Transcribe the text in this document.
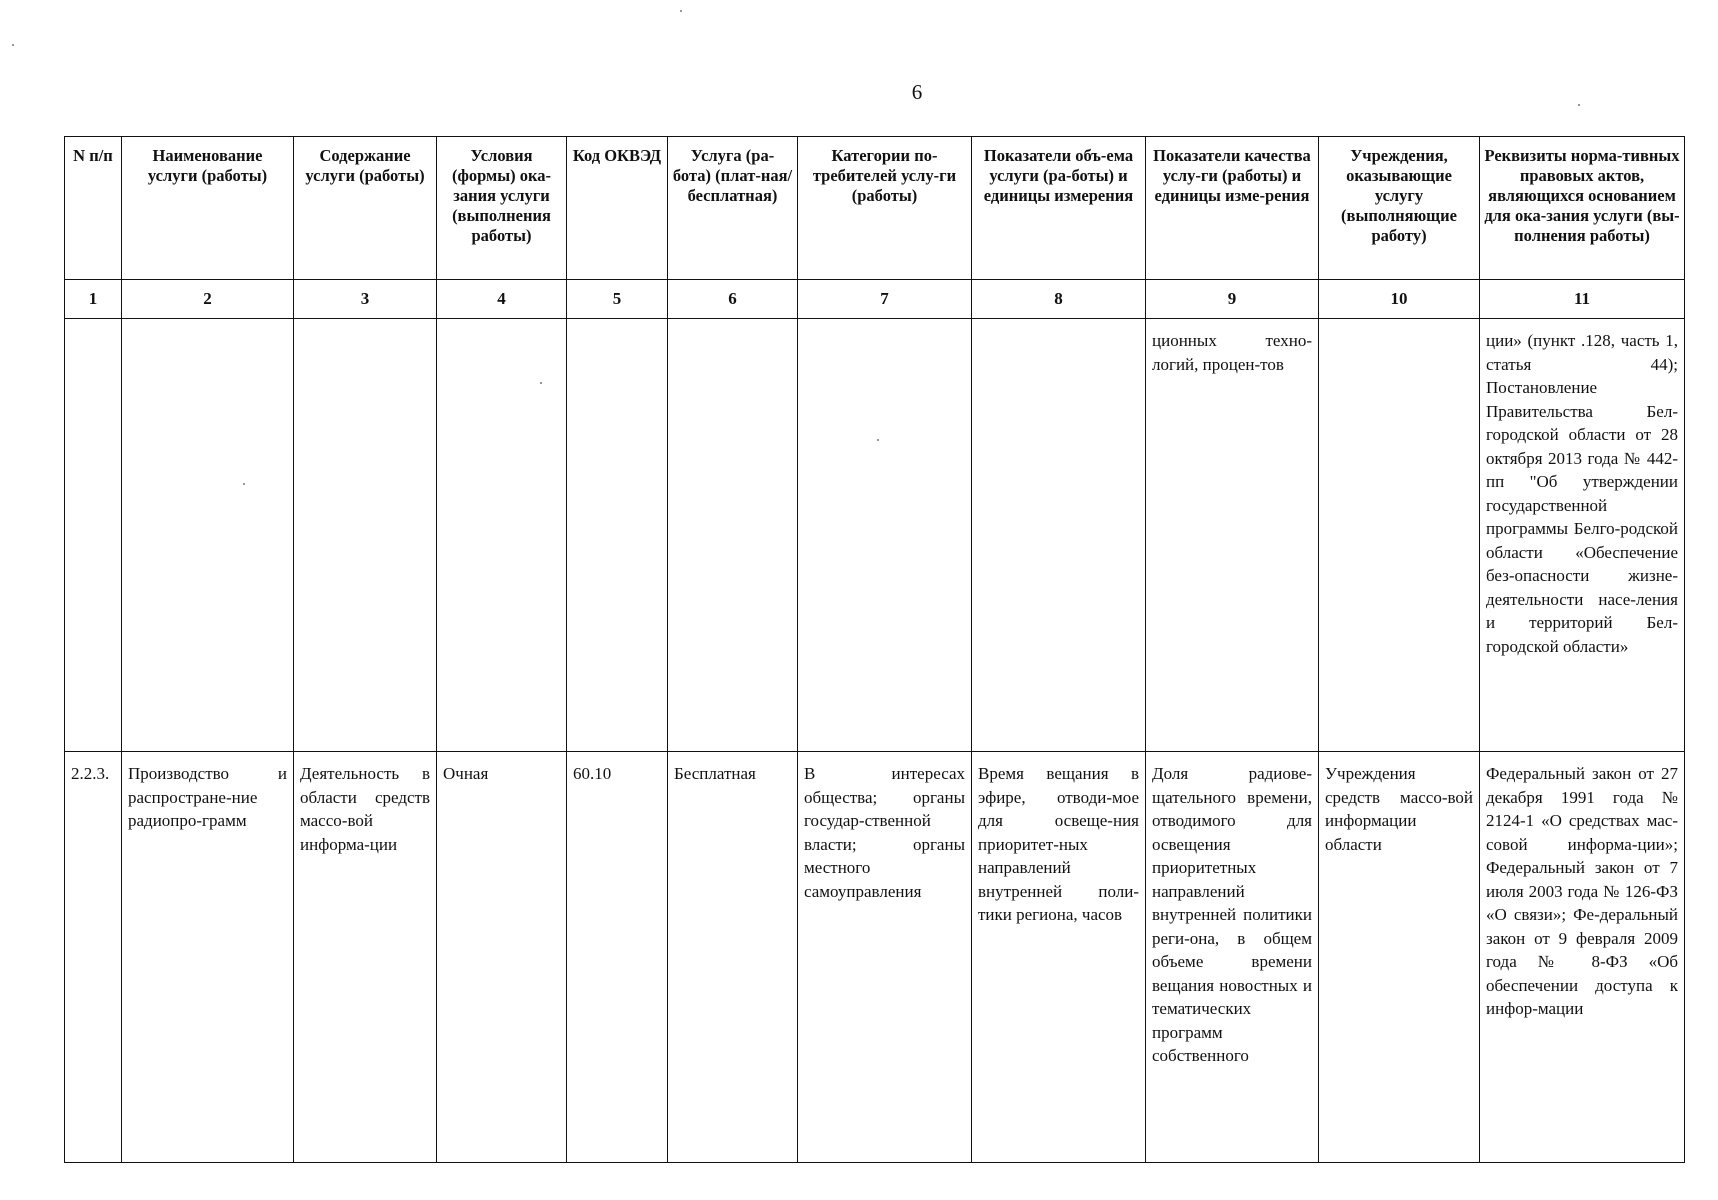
6
N п/п	Наименование услуги (работы)	Содержание услуги (работы)	Условия (формы) ока-зания услуги (выполнения работы)	Код ОКВЭД	Услуга (ра-бота) (плат-ная/ бесплатная)	Категории по-требителей услу-ги (работы)	Показатели объ-ема услуги (ра-боты) и единицы измерения	Показатели качества услу-ги (работы) и единицы изме-рения	Учреждения, оказывающие услугу (выполняющие работу)	Реквизиты норма-тивных правовых актов, являющихся основанием для ока-зания услуги (вы-полнения работы)
1	2	3	4	5	6	7	8	9	10	11
								ционных техно-логий, процен-тов		ции» (пункт .128, часть 1, статья 44); Постановление Правительства Бел-городской области от 28 октября 2013 года № 442-пп "Об утверждении государственной программы Белго-родской области «Обеспечение без-опасности жизне-деятельности насе-ления и территорий Бел-городской области»
2.2.3.	Производство и распростране-ние радиопро-грамм	Деятельность в области средств массо-вой информа-ции	Очная	60.10	Бесплатная	В интересах общества; органы государ-ственной власти; органы местного самоуправления	Время вещания в эфире, отводи-мое для освеще-ния приоритет-ных направлений внутренней поли-тики региона, часов	Доля радиове-щательного времени, отводимого для освещения приоритетных направлений внутренней политики реги-она, в общем объеме времени вещания новостных и тематических программ собственного	Учреждения средств массо-вой информации области	Федеральный закон от 27 декабря 1991 года № 2124-1 «О средствах мас-совой информа-ции»; Федеральный закон от 7 июля 2003 года № 126-ФЗ «О связи»; Фе-деральный закон от 9 февраля 2009 года № 8-ФЗ «Об обеспечении доступа к инфор-мации
